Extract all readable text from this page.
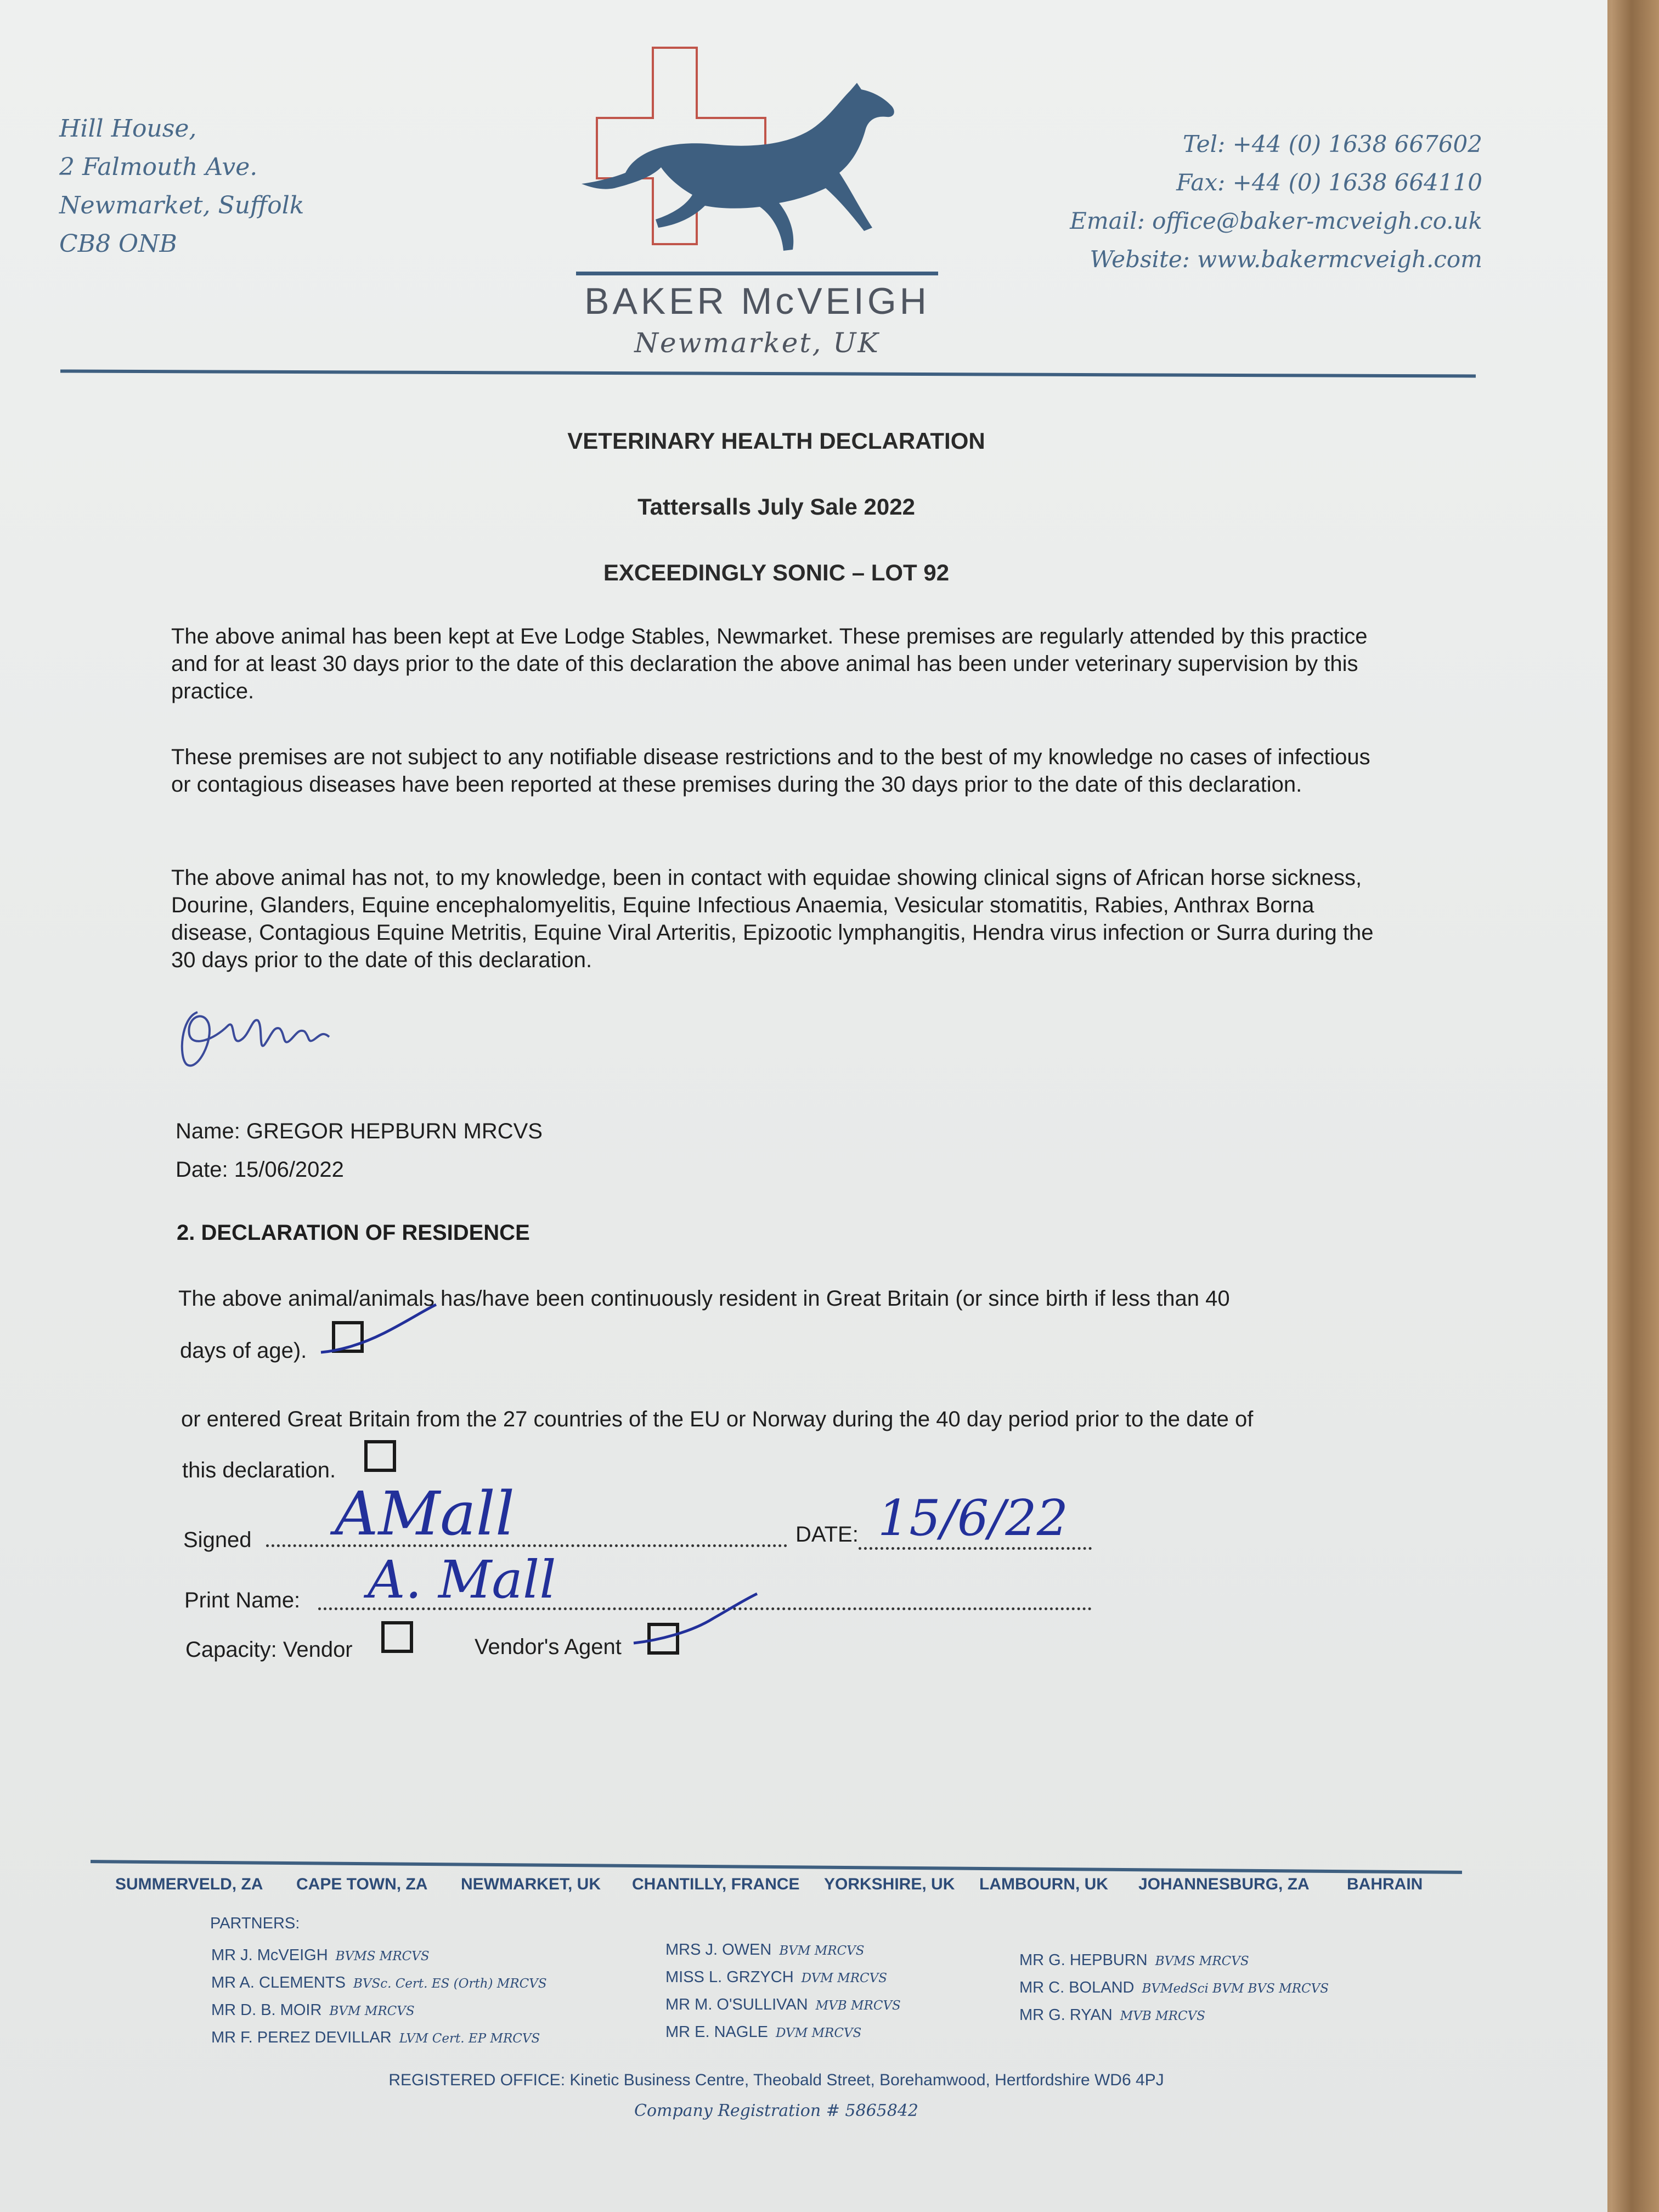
Hill House,
2 Falmouth Ave.
Newmarket, Suffolk
CB8 ONB
BAKER McVEIGH
Newmarket, UK
Tel: +44 (0) 1638 667602
Fax: +44 (0) 1638 664110
Email: office@baker-mcveigh.co.uk
Website: www.bakermcveigh.com
VETERINARY HEALTH DECLARATION
Tattersalls July Sale 2022
EXCEEDINGLY SONIC – LOT 92
The above animal has been kept at Eve Lodge Stables, Newmarket. These premises are regularly attended by this practice and for at least 30 days prior to the date of this declaration the above animal has been under veterinary supervision by this practice.
These premises are not subject to any notifiable disease restrictions and to the best of my knowledge no cases of infectious or contagious diseases have been reported at these premises during the 30 days prior to the date of this declaration.
The above animal has not, to my knowledge, been in contact with equidae showing clinical signs of African horse sickness, Dourine, Glanders, Equine encephalomyelitis, Equine Infectious Anaemia, Vesicular stomatitis, Rabies, Anthrax Borna disease, Contagious Equine Metritis, Equine Viral Arteritis, Epizootic lymphangitis, Hendra virus infection or Surra during the 30 days prior to the date of this declaration.
Name: GREGOR HEPBURN MRCVS
Date: 15/06/2022
2. DECLARATION OF RESIDENCE
The above animal/animals has/have been continuously resident in Great Britain (or since birth if less than 40
days of age).
or entered Great Britain from the 27 countries of the EU or Norway during the 40 day period prior to the date of
this declaration.
Signed AMall	DATE: 15/6/22
Print Name: A. Mall
Capacity: Vendor	Vendor's Agent
SUMMERVELD, ZA CAPE TOWN, ZA NEWMARKET, UK CHANTILLY, FRANCE YORKSHIRE, UK LAMBOURN, UK JOHANNESBURG, ZA BAHRAIN
PARTNERS:
MR J. McVEIGH BVMS MRCVS
MR A. CLEMENTS BVSc. Cert. ES (Orth) MRCVS
MR D. B. MOIR BVM MRCVS
MR F. PEREZ DEVILLAR LVM Cert. EP MRCVS
MRS J. OWEN BVM MRCVS
MISS L. GRZYCH DVM MRCVS
MR M. O'SULLIVAN MVB MRCVS
MR E. NAGLE DVM MRCVS
MR G. HEPBURN BVMS MRCVS
MR C. BOLAND BVMedSci BVM BVS MRCVS
MR G. RYAN MVB MRCVS
REGISTERED OFFICE: Kinetic Business Centre, Theobald Street, Borehamwood, Hertfordshire WD6 4PJ
Company Registration # 5865842
